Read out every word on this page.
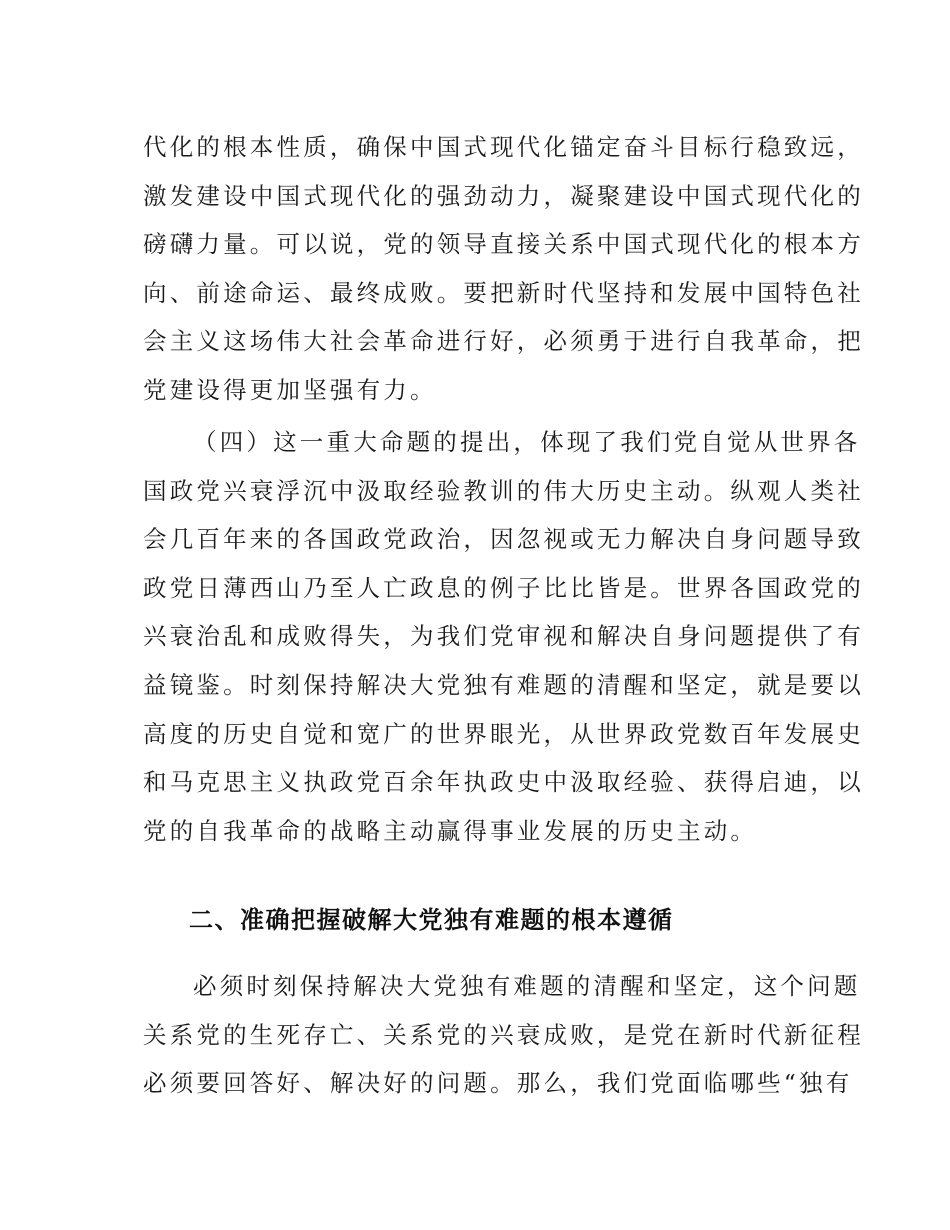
代化的根本性质，确保中国式现代化锚定奋斗目标行稳致远，
激发建设中国式现代化的强劲动力，凝聚建设中国式现代化的
磅礴力量。可以说，党的领导直接关系中国式现代化的根本方
向、前途命运、最终成败。要把新时代坚持和发展中国特色社
会主义这场伟大社会革命进行好，必须勇于进行自我革命，把
党建设得更加坚强有力。
（四）这一重大命题的提出，体现了我们党自觉从世界各
国政党兴衰浮沉中汲取经验教训的伟大历史主动。纵观人类社
会几百年来的各国政党政治，因忽视或无力解决自身问题导致
政党日薄西山乃至人亡政息的例子比比皆是。世界各国政党的
兴衰治乱和成败得失，为我们党审视和解决自身问题提供了有
益镜鉴。时刻保持解决大党独有难题的清醒和坚定，就是要以
高度的历史自觉和宽广的世界眼光，从世界政党数百年发展史
和马克思主义执政党百余年执政史中汲取经验、获得启迪，以
党的自我革命的战略主动赢得事业发展的历史主动。
二、准确把握破解大党独有难题的根本遵循
必须时刻保持解决大党独有难题的清醒和坚定，这个问题
关系党的生死存亡、关系党的兴衰成败，是党在新时代新征程
必须要回答好、解决好的问题。那么，我们党面临哪些“独有
